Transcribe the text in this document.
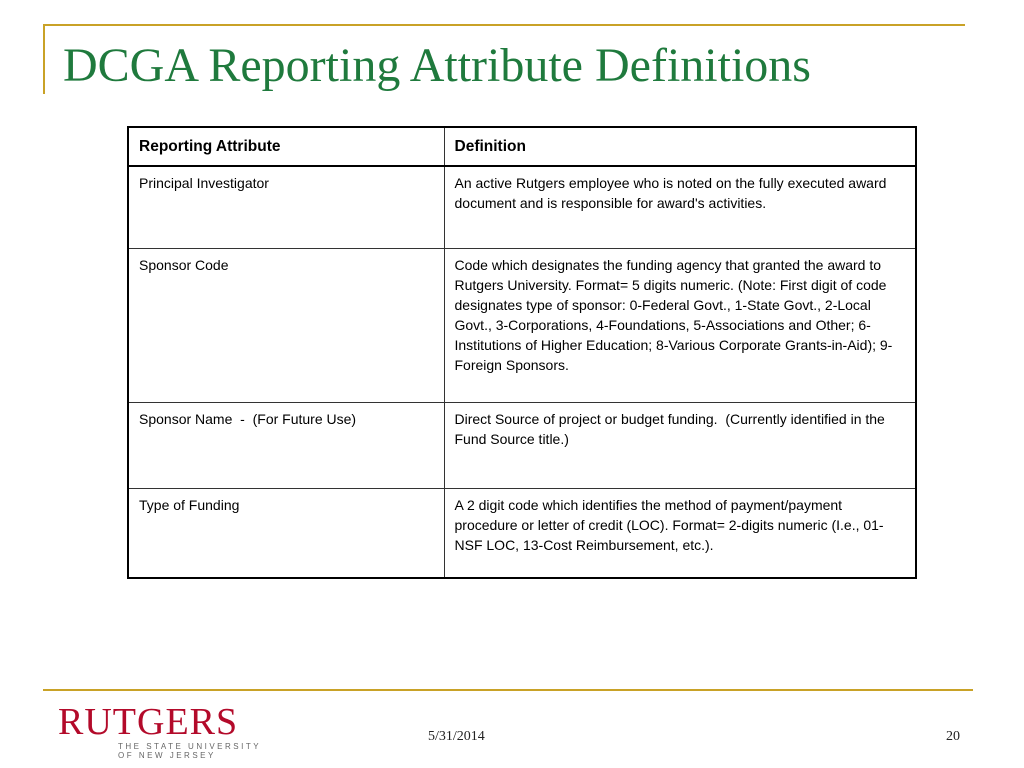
DCGA Reporting Attribute Definitions
Reporting Attribute	Definition
Principal Investigator	An active Rutgers employee who is noted on the fully executed award document and is responsible for award's activities.
Sponsor Code	Code which designates the funding agency that granted the award to Rutgers University. Format= 5 digits numeric. (Note: First digit of code designates type of sponsor: 0-Federal Govt., 1-State Govt., 2-Local Govt., 3-Corporations, 4-Foundations, 5-Associations and Other; 6-Institutions of Higher Education; 8-Various Corporate Grants-in-Aid); 9-Foreign Sponsors.
Sponsor Name  -  (For Future Use)	Direct Source of project or budget funding.  (Currently identified in the Fund Source title.)
Type of Funding	A 2 digit code which identifies the method of payment/payment procedure or letter of credit (LOC). Format= 2-digits numeric (I.e., 01- NSF LOC, 13-Cost Reimbursement, etc.).
RUTGERS
THE STATE UNIVERSITY
OF NEW JERSEY
5/31/2014	20
